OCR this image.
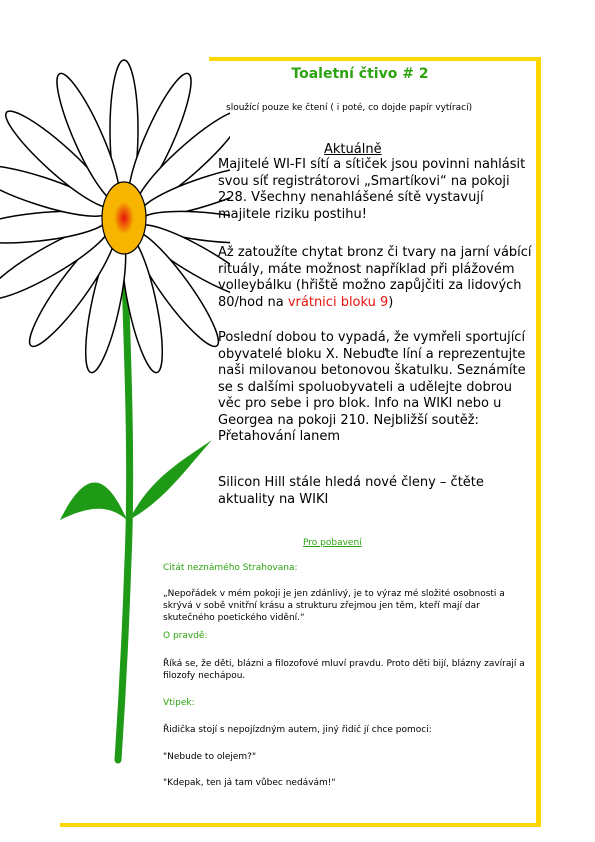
Toaletní čtivo # 2
sloužící pouze ke čtení ( i poté, co dojde papír vytírací)
Aktuálně

Majitelé WI-FI sítí a sítiček jsou povinni nahlásit svou síť registrátorovi „Smartíkovi“ na pokoji 228. Všechny nenahlášené sítě vystavují majitele riziku postihu!

Až zatoužíte chytat bronz či tvary na jarní vábící rituály, máte možnost například při plážovém volleybálku (hřiště možno zapůjčiti za lidových 80/hod na vrátnici bloku 9)

Poslední dobou to vypadá, že vymřeli sportující obyvatelé bloku X. Nebuďte líní a reprezentujte naši milovanou betonovou škatulku. Seznámíte se s dalšími spoluobyvateli a udělejte dobrou věc pro sebe i pro blok. Info na WIKI nebo u Georgea na pokoji 210. Nejbližší soutěž: Přetahování lanem

Silicon Hill stále hledá nové členy – čtěte aktuality na WIKI

Pro pobavení
Citát neznámého Strahovana:

„Nepořádek v mém pokoji je jen zdánlivý, je to výraz mé složité osobnosti a skrývá v sobě vnitřní krásu a strukturu zřejmou jen těm, kteří mají dar skutečného poetického vidění.“

O pravdě:

Říká se, že děti, blázni a filozofové mluví pravdu. Proto děti bijí, blázny zavírají a filozofy nechápou.

Vtipek:
Řidička stojí s nepojízdným autem, jiný řidič jí chce pomoci:
"Nebude to olejem?"
"Kdepak, ten já tam vůbec nedávám!"
